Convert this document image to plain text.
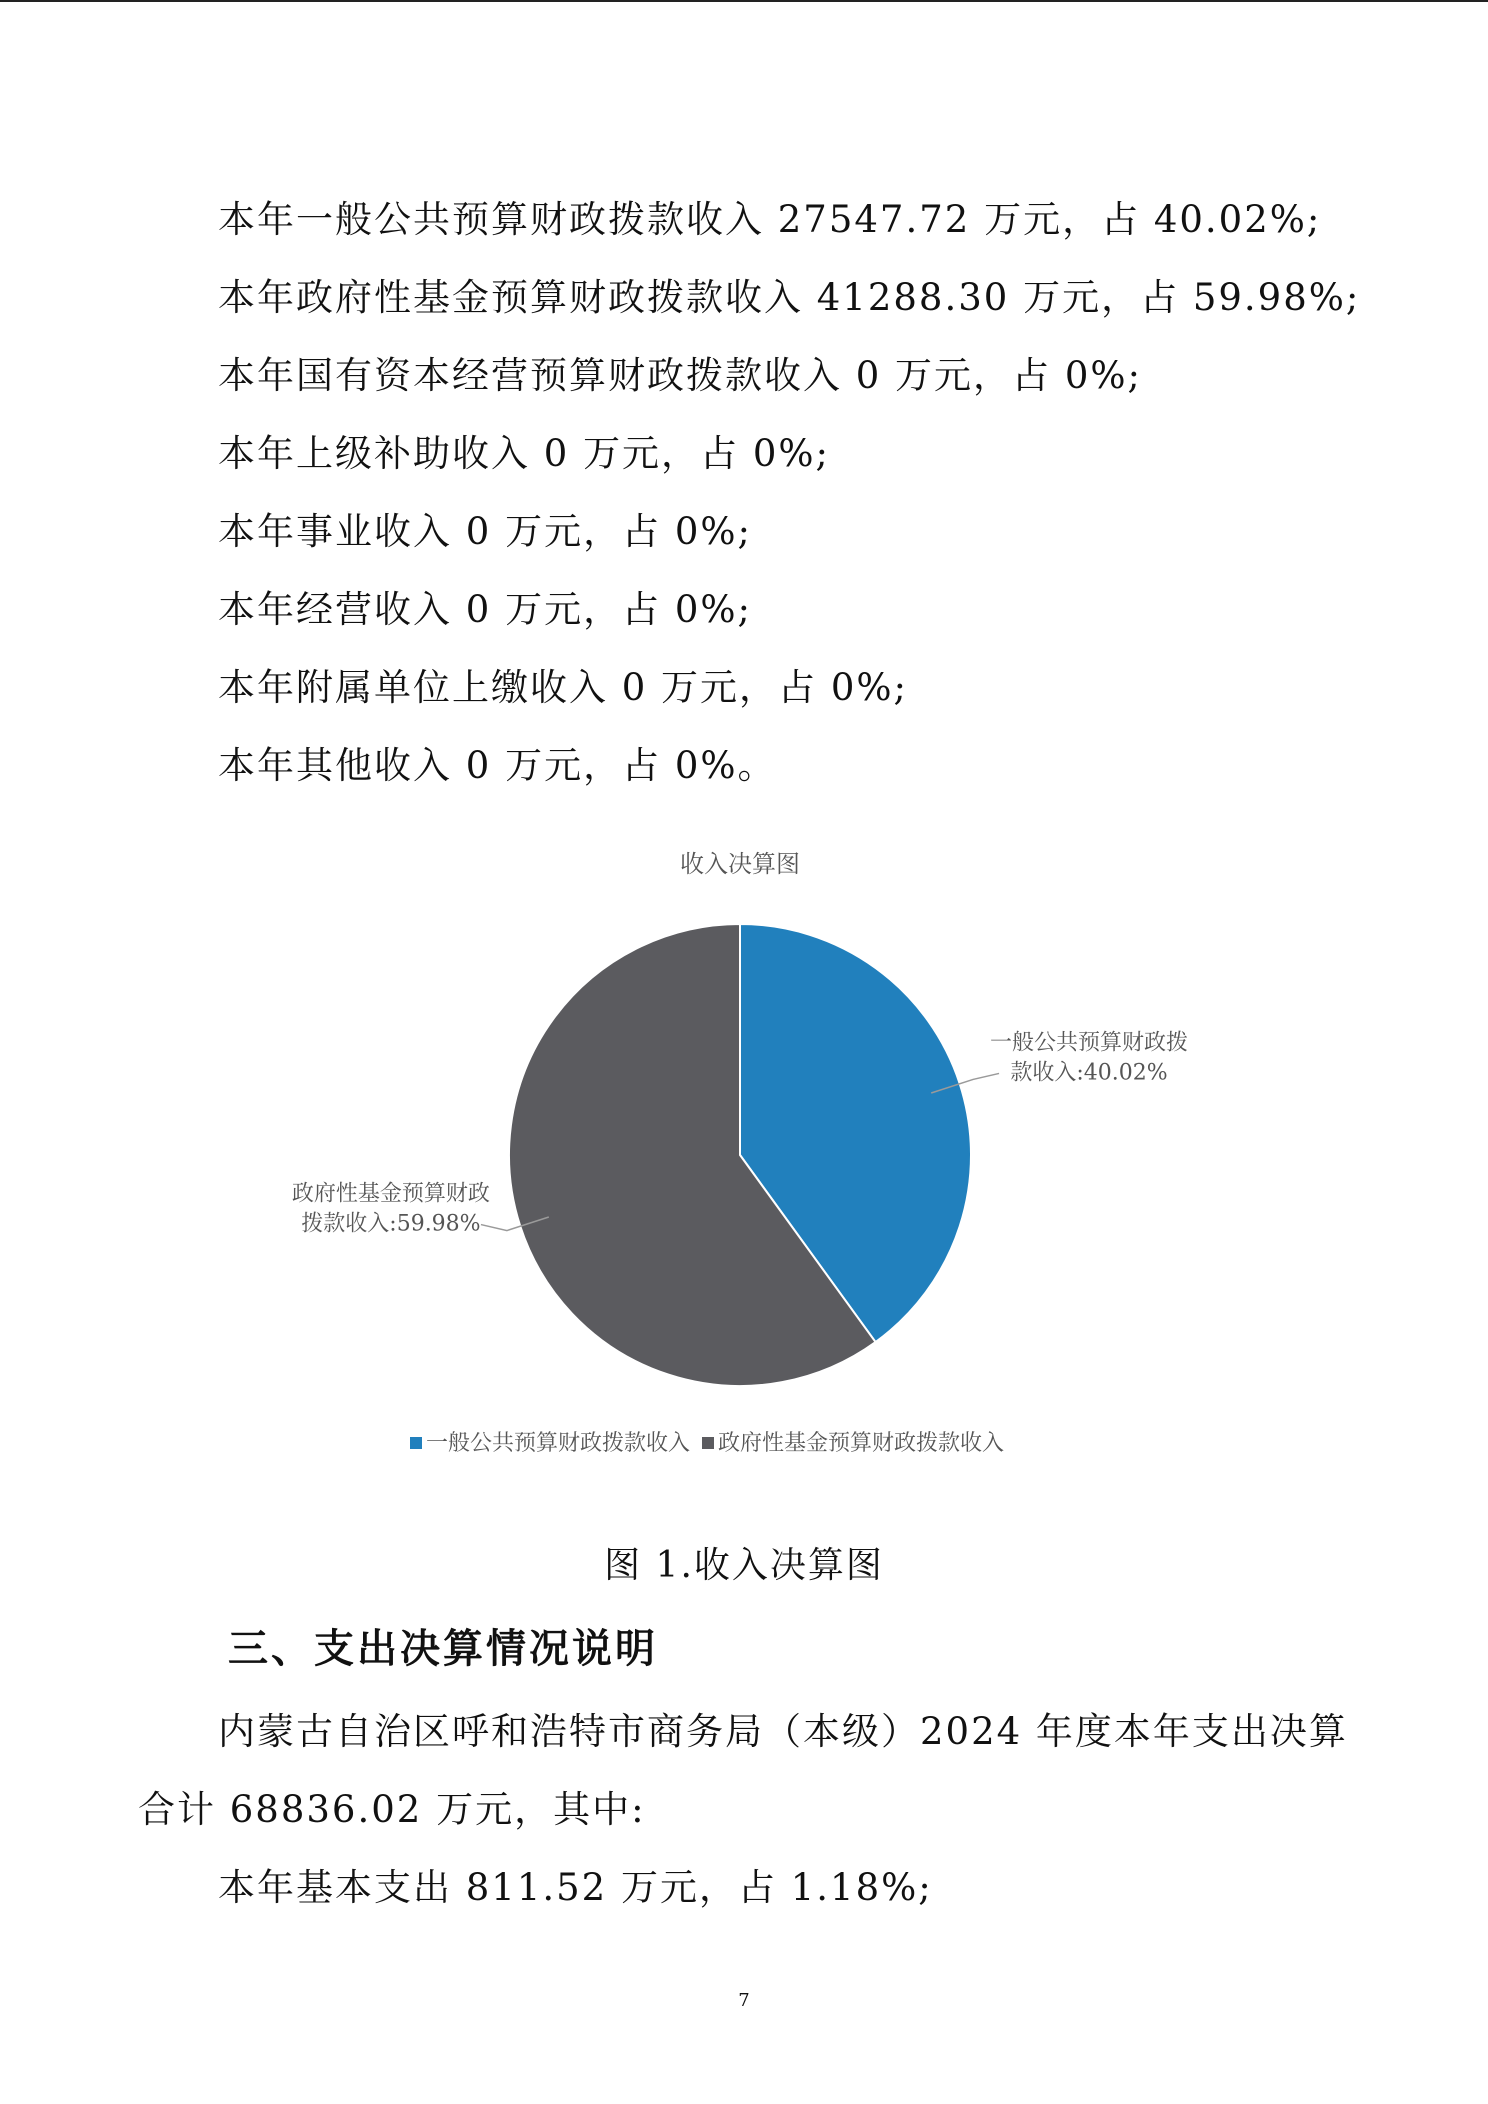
本年一般公共预算财政拨款收入 27547.72 万元，占 40.02%;

本年政府性基金预算财政拨款收入 41288.30 万元，占 59.98%;

本年国有资本经营预算财政拨款收入 0 万元，占 0%;

本年上级补助收入 0 万元，占 0%;

本年事业收入 0 万元，占 0%;

本年经营收入 0 万元，占 0%;

本年附属单位上缴收入 0 万元，占 0%;

本年其他收入 0 万元，占 0%。

收入决算图
一般公共预算财政拨
款收入:40.02%
政府性基金预算财政
拨款收入:59.98%
一般公共预算财政拨款收入 政府性基金预算财政拨款收入

图 1.收入决算图

三、支出决算情况说明

内蒙古自治区呼和浩特市商务局（本级）2024 年度本年支出决算

合计 68836.02 万元，其中:

本年基本支出 811.52 万元，占 1.18%;

7
